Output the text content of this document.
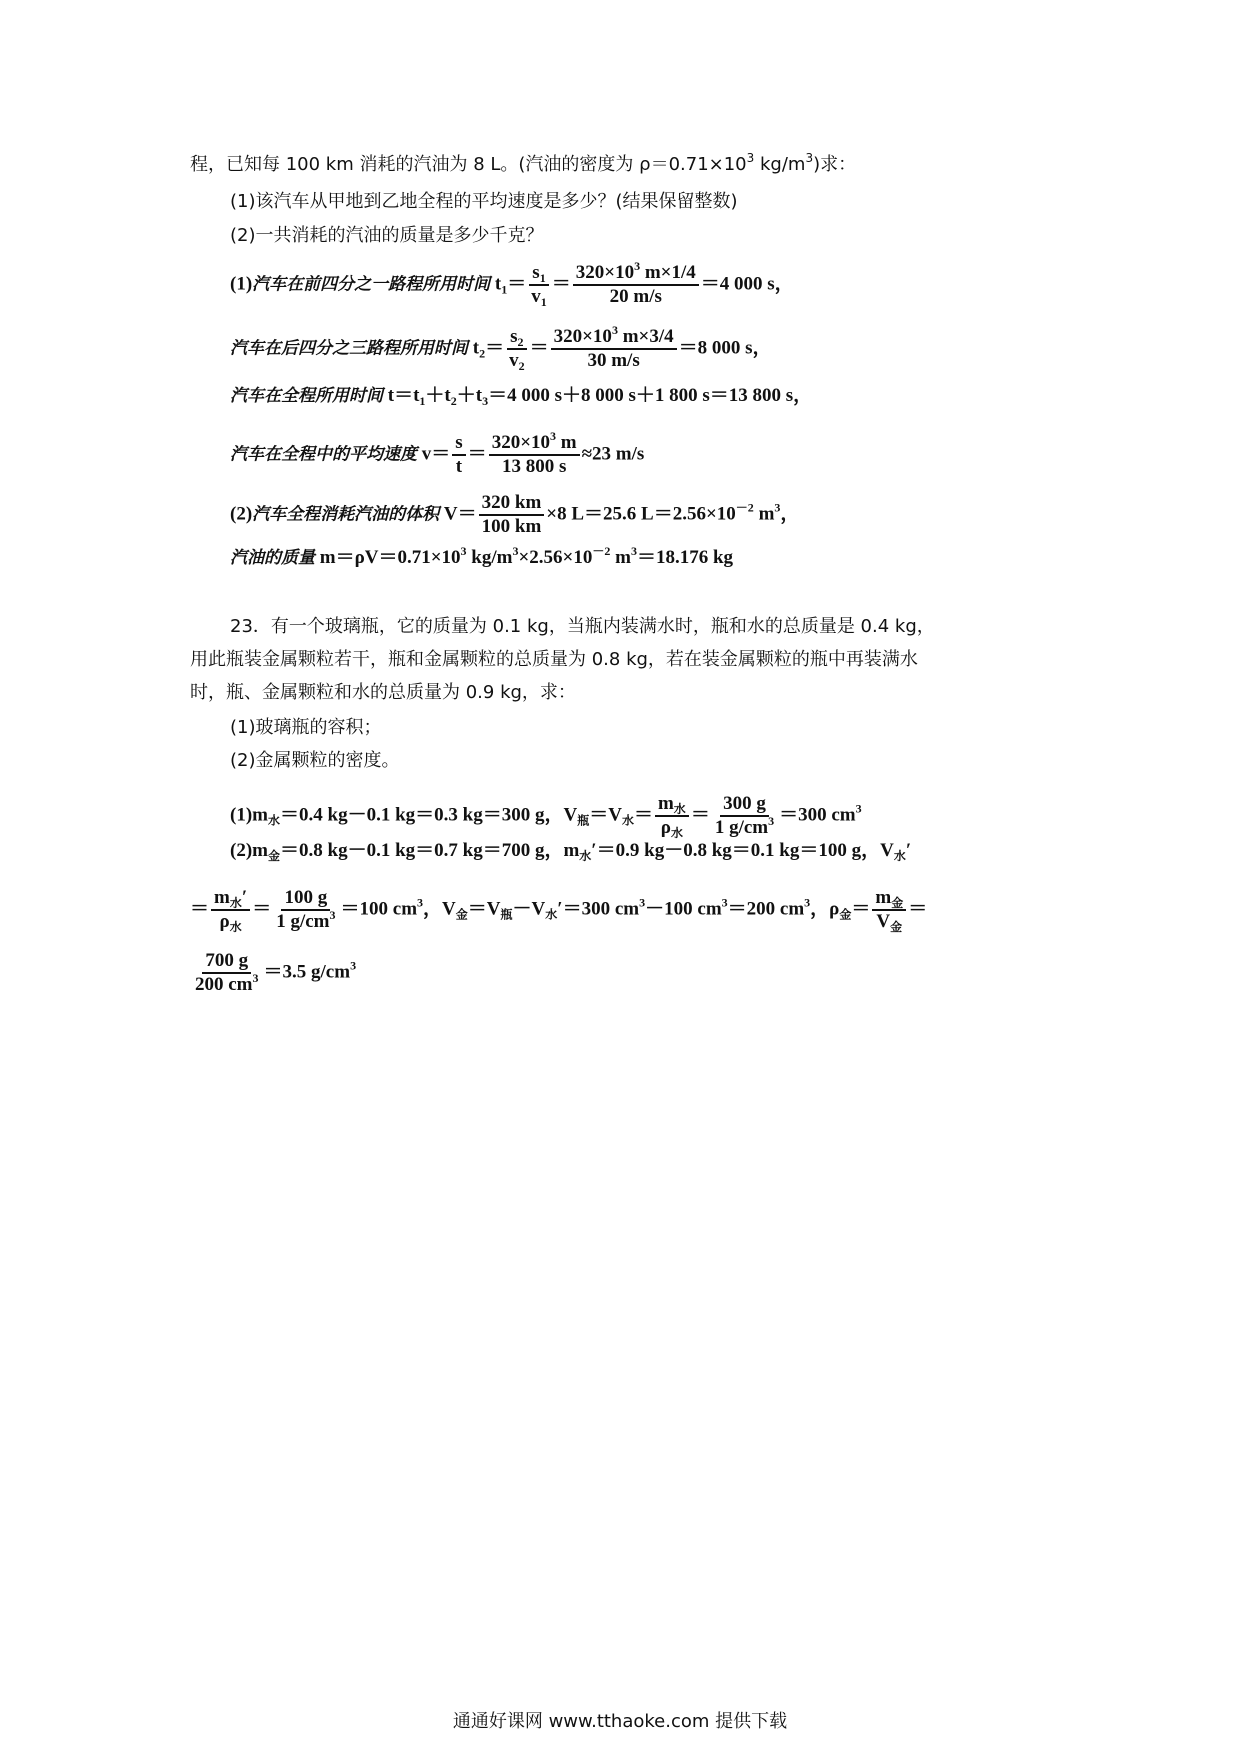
程，已知每 100 km 消耗的汽油为 8 L。(汽油的密度为 $\rho=0.71\times 10^3$ $kg/m^3$)求：
(1)该汽车从甲地到乙地全程的平均速度是多少？(结果保留整数)
(2)一共消耗的汽油的质量是多少千克？
(1)汽车在前四分之一路程所用时间 $t_1= \frac{s_1}{v_1} = \frac{320\times 10^3 m\times 1/4}{20 m/s} =4$ 000 s，
汽车在后四分之三路程所用时间 $t_2= \frac{s_2}{v_2} = \frac{320\times 10^3 m\times 3/4}{30 m/s} =8$ 000 s，
汽车在全程所用时间 $t=t_1+t_2+t_3=4$ 000 s＋8 000 s＋1 800 s＝13 800 s，
汽车在全程中的平均速度 $v= \frac{s}{t} = \frac{320\times 10^3 m}{13 800 s} \approx 23$ m/s
(2)汽车全程消耗汽油的体积 $V= \frac{320 km}{100 km} \times 8$ L＝25.6 $L=2.56\times 10^{-2}$ $m^3$，
汽油的质量 $m=\rho V=0.71\times 10^3$ $kg/m^3\times 2.56\times 10^{-2}$ $m^3=18.176$ kg
23．有一个玻璃瓶，它的质量为 0.1 kg，当瓶内装满水时，瓶和水的总质量是 0.4 kg，
用此瓶装金属颗粒若干，瓶和金属颗粒的总质量为 0.8 kg，若在装金属颗粒的瓶中再装满水
时，瓶、金属颗粒和水的总质量为 0.9 kg，求：
(1)玻璃瓶的容积；
(2)金属颗粒的密度。
$(1)m_水=0.4$ kg－0.1 kg＝0.3 kg＝300 g，$V_瓶=V_水= \frac{m_水}{\rho_水} = \frac{300 g}{1 g/cm^3} =300$ $cm^3$
$(2)m_金=0.8$ kg－0.1 kg＝0.7 kg＝700 g，$m_水'=0.9$ kg－0.8 kg＝0.1 kg＝100 g，$V_水'$
＝ $\frac{m_水'}{\rho_水} = \frac{100 g}{1 g/cm^3} =100$ $cm^3$，$V_金=V_瓶-V_水'=300$ $cm^3-100$ $cm^3=200$ $cm^3$，$\rho_金= \frac{m_金}{V_金}$ ＝
$\frac{700 g}{200 cm^3} =3.5$ $g/cm^3$
通通好课网 www.tthaoke.com 提供下载
